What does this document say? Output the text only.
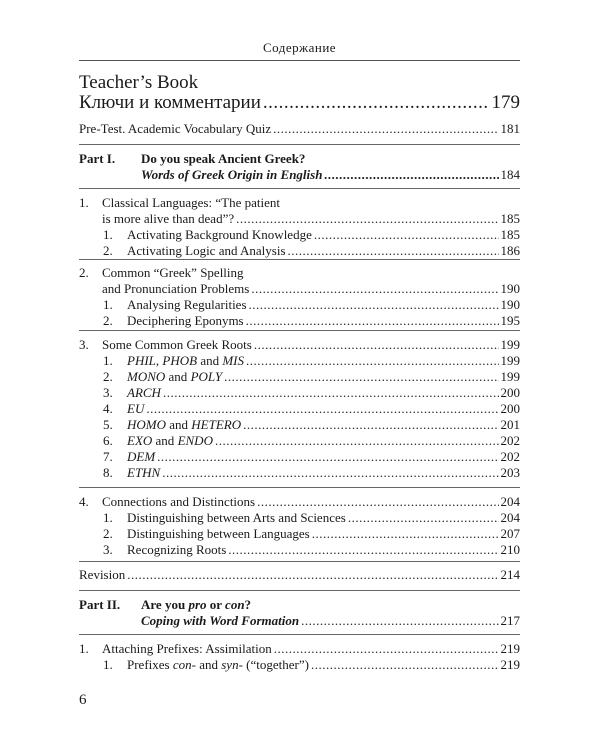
Содержание
Teacher’s Book
Ключи и комментарии .....	179
Pre-Test. Academic Vocabulary Quiz .....	181
Part I.	Do you speak Ancient Greek?
Words of Greek Origin in English .....	184
1.	Classical Languages: “The patient
is more alive than dead”? .....	185
1.	Activating Background Knowledge .....	185
2.	Activating Logic and Analysis .....	186
2.	Common “Greek” Spelling
and Pronunciation Problems .....	190
1.	Analysing Regularities .....	190
2.	Deciphering Eponyms .....	195
3.	Some Common Greek Roots .....	199
1.	PHIL, PHOB and MIS .....	199
2.	MONO and POLY .....	199
3.	ARCH .....	200
4.	EU .....	200
5.	HOMO and HETERO .....	201
6.	EXO and ENDO .....	202
7.	DEM .....	202
8.	ETHN .....	203
4.	Connections and Distinctions .....	204
1.	Distinguishing between Arts and Sciences .....	204
2.	Distinguishing between Languages .....	207
3.	Recognizing Roots .....	210
Revision .....	214
Part II.	Are you pro or con?
Coping with Word Formation .....	217
1.	Attaching Prefixes: Assimilation .....	219
1.	Prefixes con- and syn- (“together”) .....	219
6
